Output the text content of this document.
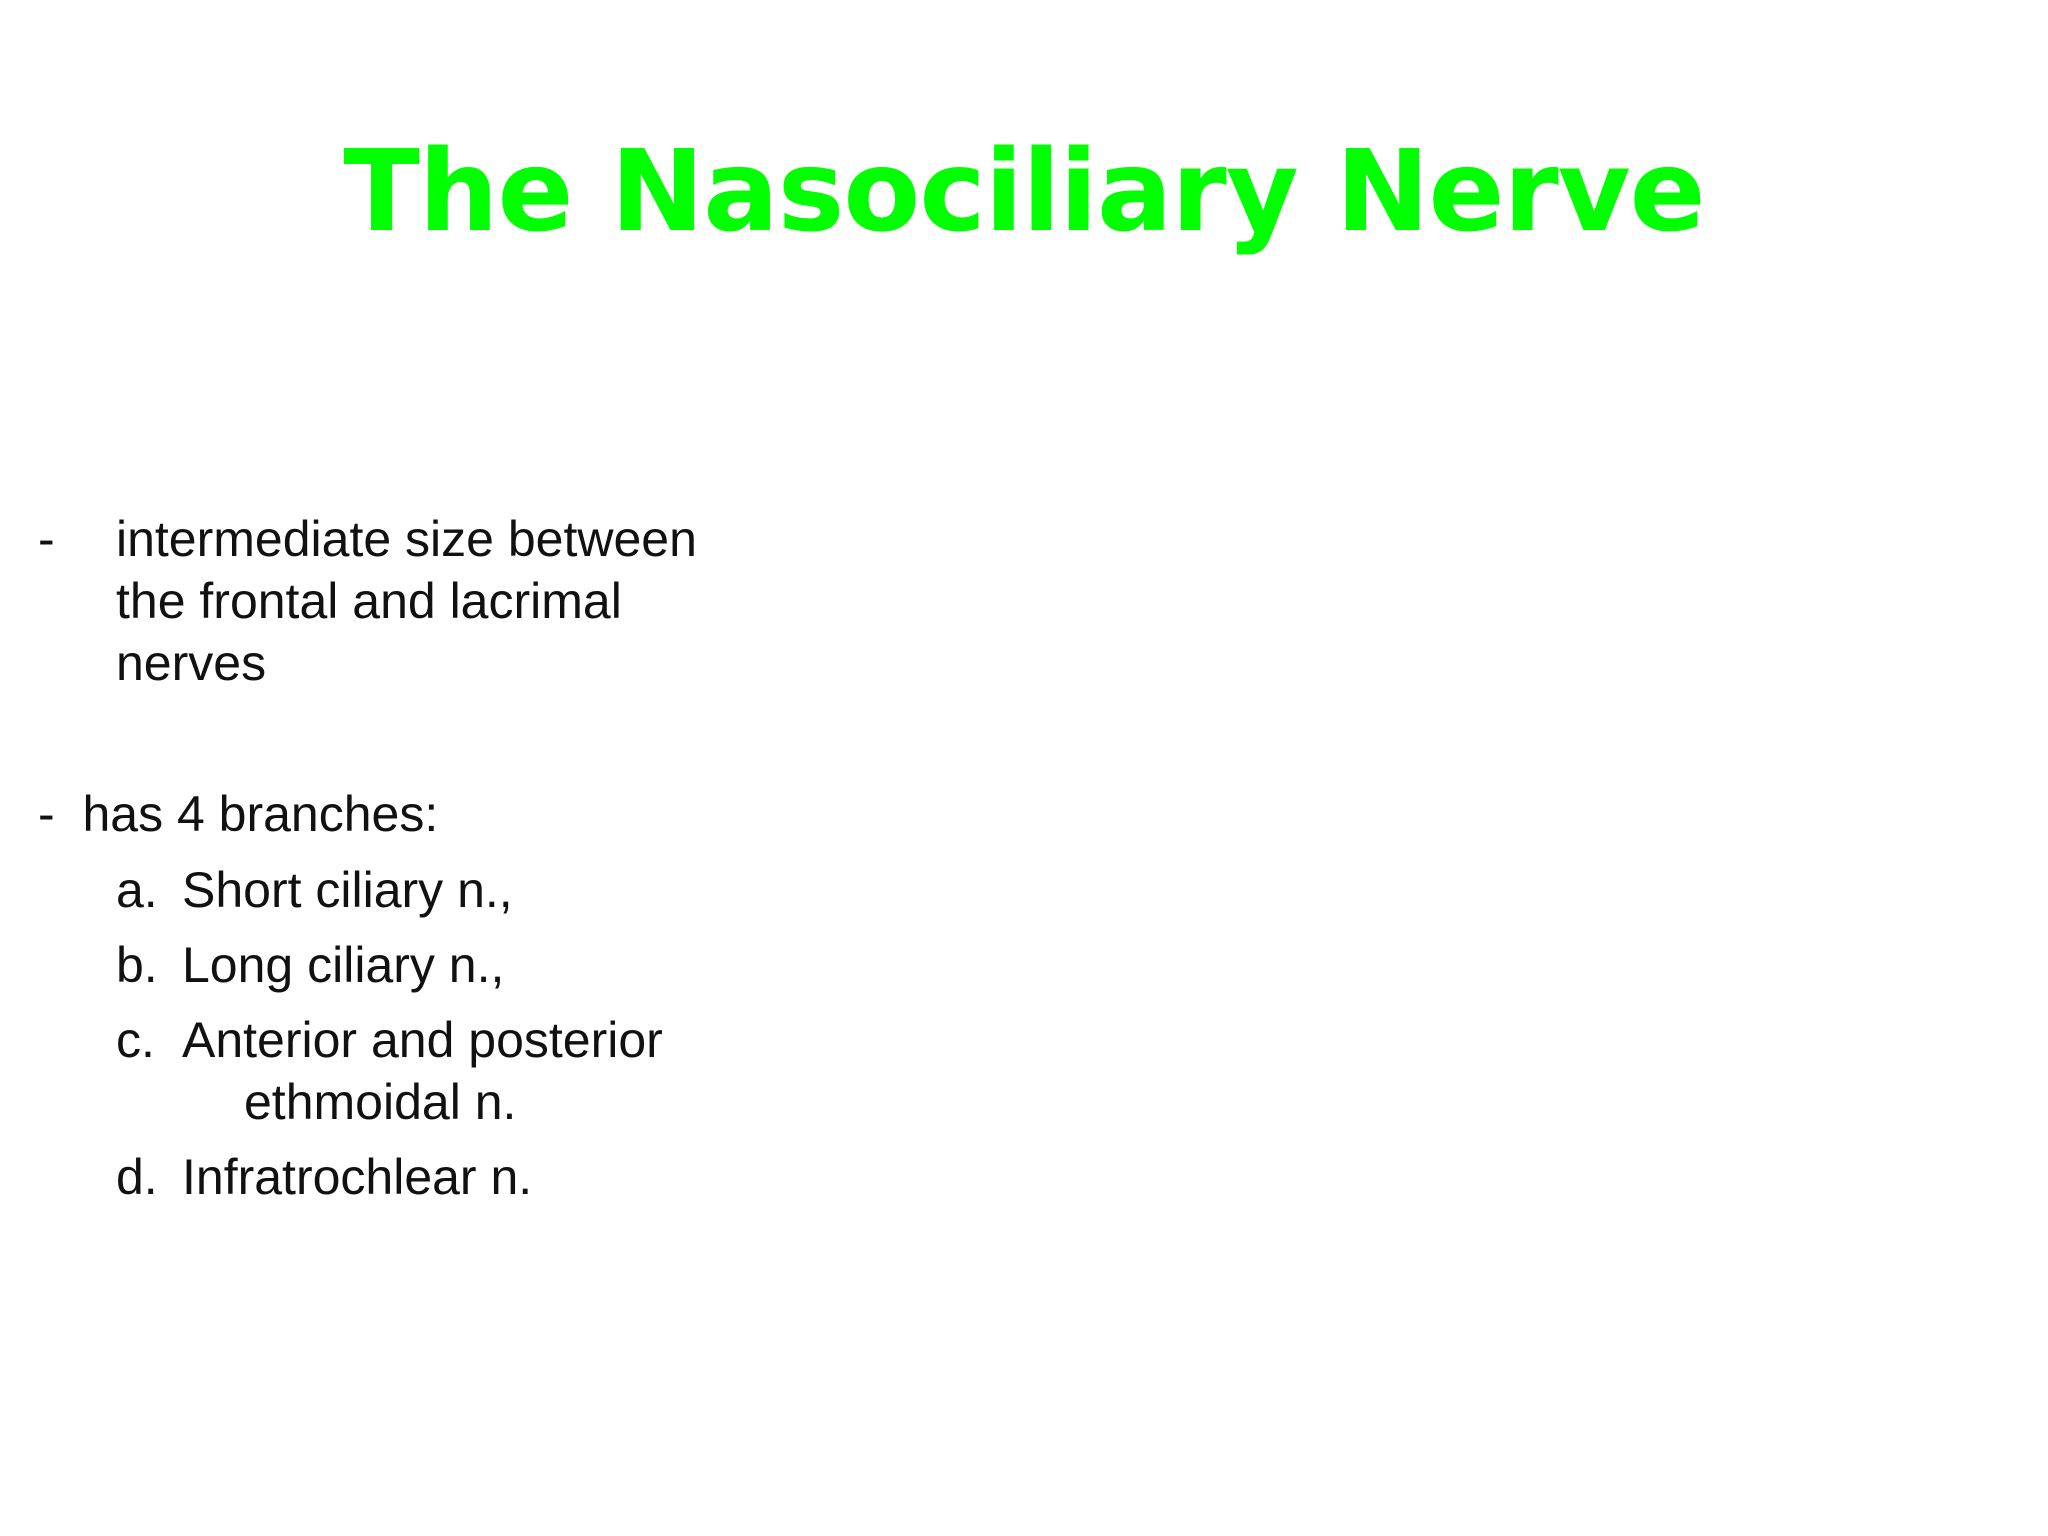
The Nasociliary Nerve
- intermediate size between
the frontal and lacrimal
nerves
- has 4 branches:
a. Short ciliary n.,
b. Long ciliary n.,
c. Anterior and posterior
ethmoidal n.
d. Infratrochlear n.
